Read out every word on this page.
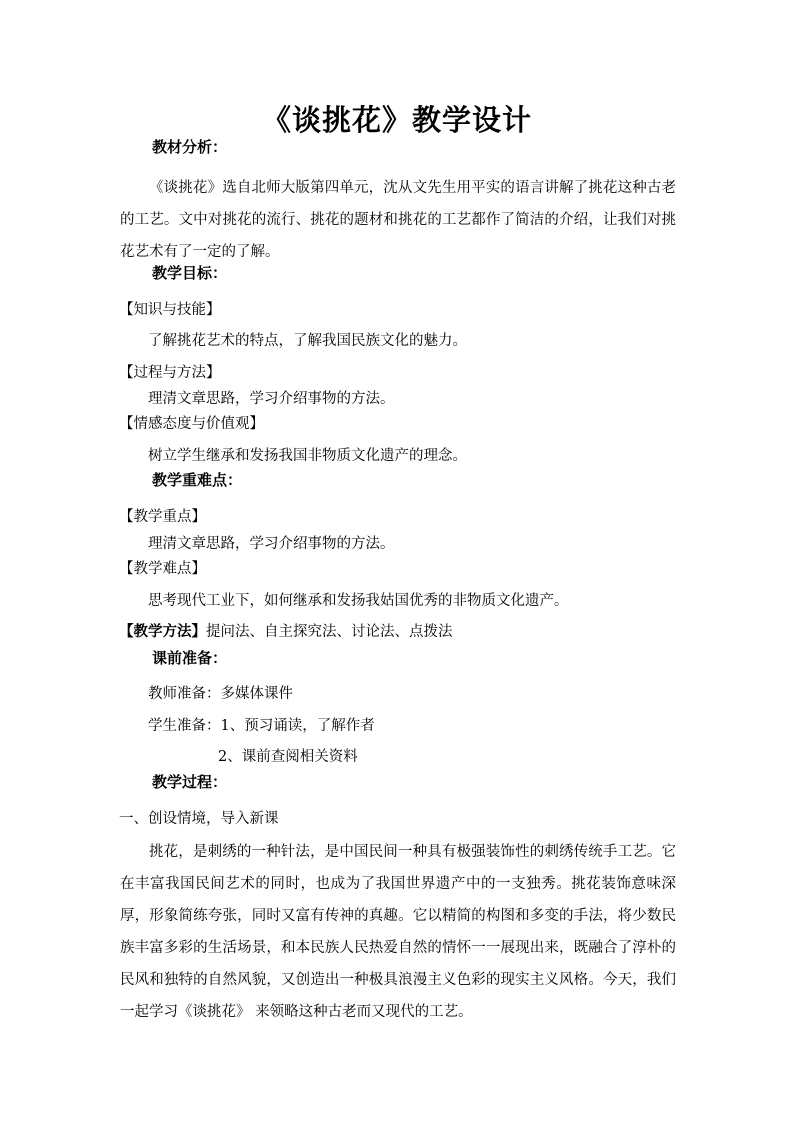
《谈挑花》教学设计
教材分析：
《谈挑花》选自北师大版第四单元，沈从文先生用平实的语言讲解了挑花这种古老的工艺。文中对挑花的流行、挑花的题材和挑花的工艺都作了简洁的介绍，让我们对挑花艺术有了一定的了解。
教学目标：
【知识与技能】
了解挑花艺术的特点，了解我国民族文化的魅力。
【过程与方法】
理清文章思路，学习介绍事物的方法。
【情感态度与价值观】
树立学生继承和发扬我国非物质文化遗产的理念。
教学重难点：
【教学重点】
理清文章思路，学习介绍事物的方法。
【教学难点】
思考现代工业下，如何继承和发扬我姑国优秀的非物质文化遗产。
【教学方法】提问法、自主探究法、讨论法、点拨法
课前准备：
教师准备：多媒体课件
学生准备：1、预习诵读，了解作者
2、课前查阅相关资料
教学过程：
一、创设情境，导入新课
挑花，是刺绣的一种针法，是中国民间一种具有极强装饰性的刺绣传统手工艺。它在丰富我国民间艺术的同时，也成为了我国世界遗产中的一支独秀。挑花装饰意味深厚，形象简练夸张，同时又富有传神的真趣。它以精简的构图和多变的手法，将少数民族丰富多彩的生活场景，和本民族人民热爱自然的情怀一一展现出来，既融合了淳朴的民风和独特的自然风貌，又创造出一种极具浪漫主义色彩的现实主义风格。今天，我们一起学习《谈挑花》 来领略这种古老而又现代的工艺。
